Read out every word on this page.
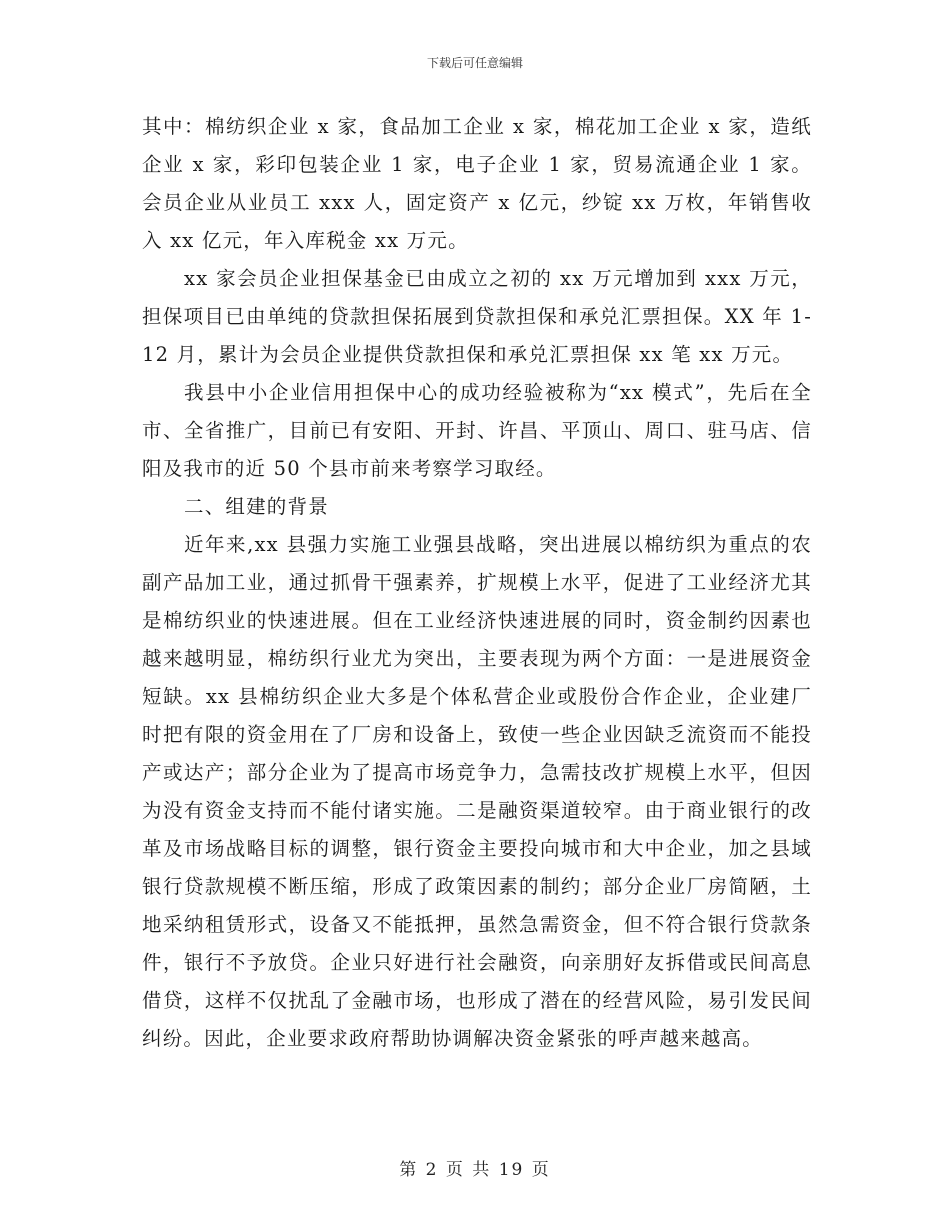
下载后可任意编辑

其中：棉纺织企业 x 家，食品加工企业 x 家，棉花加工企业 x 家，造纸企业 x 家，彩印包装企业 1 家，电子企业 1 家，贸易流通企业 1 家。会员企业从业员工 xxx 人，固定资产 x 亿元，纱锭 xx 万枚，年销售收入 xx 亿元，年入库税金 xx 万元。

xx 家会员企业担保基金已由成立之初的 xx 万元增加到 xxx 万元，担保项目已由单纯的贷款担保拓展到贷款担保和承兑汇票担保。XX 年 1-12 月，累计为会员企业提供贷款担保和承兑汇票担保 xx 笔 xx 万元。

我县中小企业信用担保中心的成功经验被称为“xx 模式”，先后在全市、全省推广，目前已有安阳、开封、许昌、平顶山、周口、驻马店、信阳及我市的近 50 个县市前来考察学习取经。

二、组建的背景

近年来,xx 县强力实施工业强县战略，突出进展以棉纺织为重点的农副产品加工业，通过抓骨干强素养，扩规模上水平，促进了工业经济尤其是棉纺织业的快速进展。但在工业经济快速进展的同时，资金制约因素也越来越明显，棉纺织行业尤为突出，主要表现为两个方面：一是进展资金短缺。xx 县棉纺织企业大多是个体私营企业或股份合作企业，企业建厂时把有限的资金用在了厂房和设备上，致使一些企业因缺乏流资而不能投产或达产；部分企业为了提高市场竞争力，急需技改扩规模上水平，但因为没有资金支持而不能付诸实施。二是融资渠道较窄。由于商业银行的改革及市场战略目标的调整，银行资金主要投向城市和大中企业，加之县域银行贷款规模不断压缩，形成了政策因素的制约；部分企业厂房简陋，土地采纳租赁形式，设备又不能抵押，虽然急需资金，但不符合银行贷款条件，银行不予放贷。企业只好进行社会融资，向亲朋好友拆借或民间高息借贷，这样不仅扰乱了金融市场，也形成了潜在的经营风险，易引发民间纠纷。因此，企业要求政府帮助协调解决资金紧张的呼声越来越高。

第 2 页 共 19 页
